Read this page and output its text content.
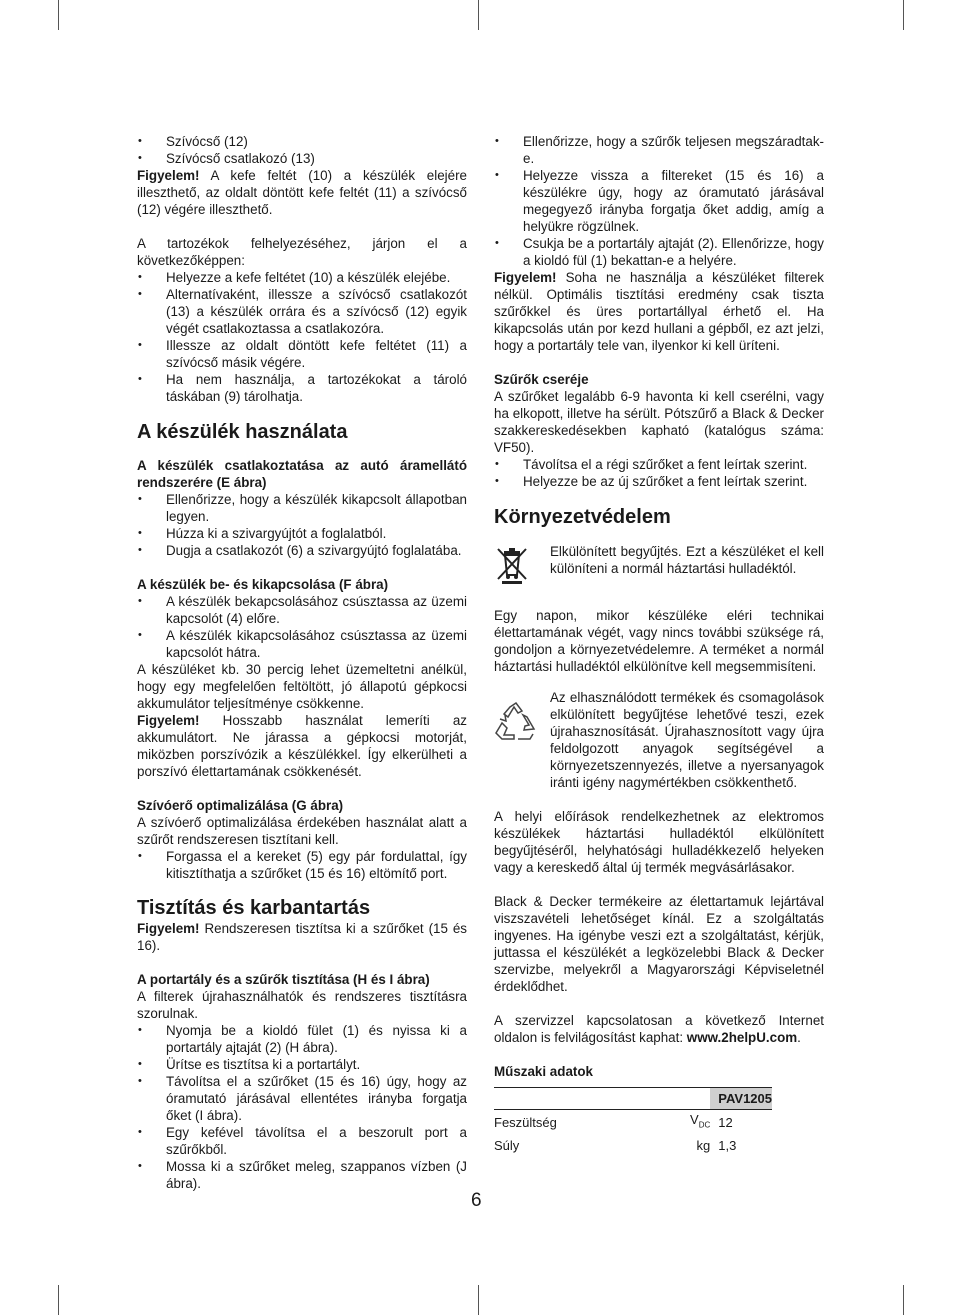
• Szívócső (12)
• Szívócső csatlakozó (13)

Figyelem! A kefe feltét (10) a készülék elejére illeszthető, az oldalt döntött kefe feltét (11) a szívócső (12) végére illeszthető.

A tartozékok felhelyezéséhez, járjon el a következőképpen:

• Helyezze a kefe feltétet (10) a készülék elejébe.
• Alternatívaként, illessze a szívócső csatlakozót (13) a készülék orrára és a szívócső (12) egyik végét csatlakoztassa a csatlakozóra.
• Illessze az oldalt döntött kefe feltétet (11) a szívócső másik végére.
• Ha nem használja, a tartozékokat a tároló táskában (9) tárolhatja.
A készülék használata

A készülék csatlakoztatása az autó áramellátó rendszerére (E ábra)

• Ellenőrizze, hogy a készülék kikapcsolt állapotban legyen.
• Húzza ki a szivargyújtót a foglalatból.
• Dugja a csatlakozót (6) a szivargyújtó foglalatába.

A készülék be- és kikapcsolása (F ábra)

• A készülék bekapcsolásához csúsztassa az üzemi kapcsolót (4) előre.
• A készülék kikapcsolásához csúsztassa az üzemi kapcsolót hátra.

A készüléket kb. 30 percig lehet üzemeltetni anélkül, hogy egy megfelelően feltöltött, jó állapotú gépkocsi akkumulátor teljesítménye csökkenne.

Figyelem! Hosszabb használat lemeríti az akkumulátort. Ne járassa a gépkocsi motorját, miközben porszívózik a készülékkel. Így elkerülheti a porszívó élettartamának csökkenését.

Szívóerő optimalizálása (G ábra)

A szívóerő optimalizálása érdekében használat alatt a szűrőt rendszeresen tisztítani kell.

• Forgassa el a kereket (5) egy pár fordulattal, így kitisztíthatja a szűrőket (15 és 16) eltömítő port.
Tisztítás és karbantartás

Figyelem! Rendszeresen tisztítsa ki a szűrőket (15 és 16).

A portartály és a szűrők tisztítása (H és I ábra)

A filterek újrahasználhatók és rendszeres tisztításra szorulnak.

• Nyomja be a kioldó fület (1) és nyissa ki a portartály ajtaját (2) (H ábra).
• Ürítse es tisztítsa ki a portartályt.
• Távolítsa el a szűrőket (15 és 16) úgy, hogy az óramutató járásával ellentétes irányba forgatja őket (I ábra).
• Egy kefével távolítsa el a beszorult port a szűrőkből.
• Mossa ki a szűrőket meleg, szappanos vízben (J ábra).
• Ellenőrizze, hogy a szűrők teljesen megszáradtak-e.
• Helyezze vissza a filtereket (15 és 16) a készülékre úgy, hogy az óramutató járásával megegyező irányba forgatja őket addig, amíg a helyükre rögzülnek.
• Csukja be a portartály ajtaját (2). Ellenőrizze, hogy a kioldó fül (1) bekattan-e a helyére.

Figyelem! Soha ne használja a készüléket filterek nélkül. Optimális tisztítási eredmény csak tiszta szűrőkkel és üres portartállyal érhető el. Ha kikapcsolás után por kezd hullani a gépből, ez azt jelzi, hogy a portartály tele van, ilyenkor ki kell üríteni.

Szűrők cseréje

A szűrőket legalább 6-9 havonta ki kell cserélni, vagy ha elkopott, illetve ha sérült. Pótszűrő a Black & Decker szakkereskedésekben kapható (katalógus száma: VF50).

• Távolítsa el a régi szűrőket a fent leírtak szerint.
• Helyezze be az új szűrőket a fent leírtak szerint.
Környezetvédelem

Elkülönített begyűjtés. Ezt a készüléket el kell különíteni a normál háztartási hulladéktól.

Egy napon, mikor készüléke eléri technikai élettartamának végét, vagy nincs további szüksége rá, gondoljon a környezetvédelemre. A terméket a normál háztartási hulladéktól elkülönítve kell megsemmisíteni.

Az elhasználódott termékek és csomagolások elkülönített begyűjtése lehetővé teszi, ezek újrahasznosítását. Újrahasznosított vagy újra feldolgozott anyagok segítségével a környezetszennyezés, illetve a nyersanyagok iránti igény nagymértékben csökkenthető.

A helyi előírások rendelkezhetnek az elektromos készülékek háztartási hulladéktól elkülönített begyűjtéséről, helyhatósági hulladékkezelő helyeken vagy a kereskedő által új termék megvásárlásakor.

Black & Decker termékeire az élettartamuk lejártával viszszavételi lehetőséget kínál. Ez a szolgáltatás ingyenes. Ha igénybe veszi ezt a szolgáltatást, kérjük, juttassa el készülékét a legközelebbi Black & Decker szervizbe, melyekről a Magyarországi Képviseletnél érdeklődhet.

A szervizzel kapcsolatosan a következő Internet oldalon is felvilágosítást kaphat: www.2helpU.com.

Műszaki adatok

		PAV1205
Feszültség	$V_{DC}$	12
Súly	kg	1,3
6
